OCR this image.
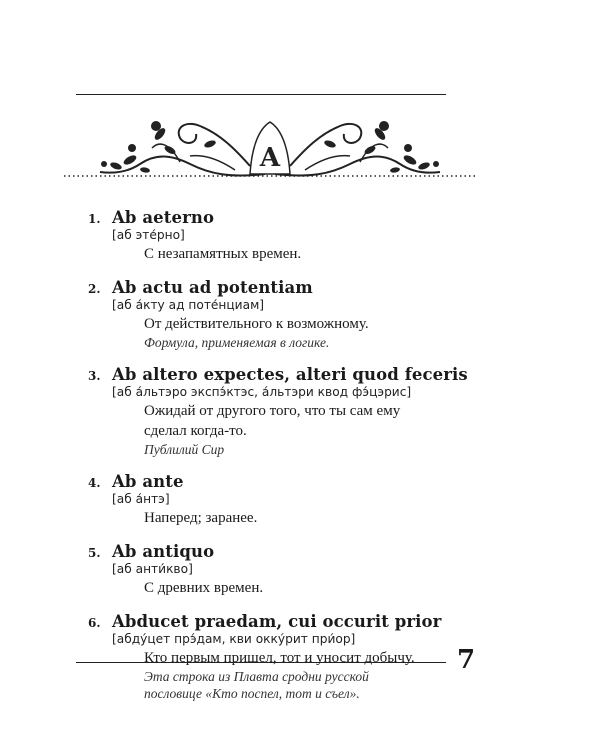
A
1. Ab aeterno
[аб эте́рно]
С незапамятных времен.
2. Ab actu ad potentiam
[аб а́кту ад поте́нциам]
От действительного к возможному.
Формула, применяемая в логике.
3. Ab altero expectes, alteri quod feceris
[аб а́льтэро экспэ́ктэс, а́льтэри квод фэ́цэрис]
Ожидай от другого того, что ты сам ему
сделал когда-то.
Публилий Сир
4. Ab ante
[аб а́нтэ]
Наперед; заранее.
5. Ab antiquo
[аб анти́кво]
С древних времен.
6. Abducet praedam, cui occurit prior
[абду́цет прэ́дам, кви окку́рит при́ор]
Кто первым пришел, тот и уносит добычу.
Эта строка из Плавта сродни русской
пословице «Кто поспел, тот и съел».
7
